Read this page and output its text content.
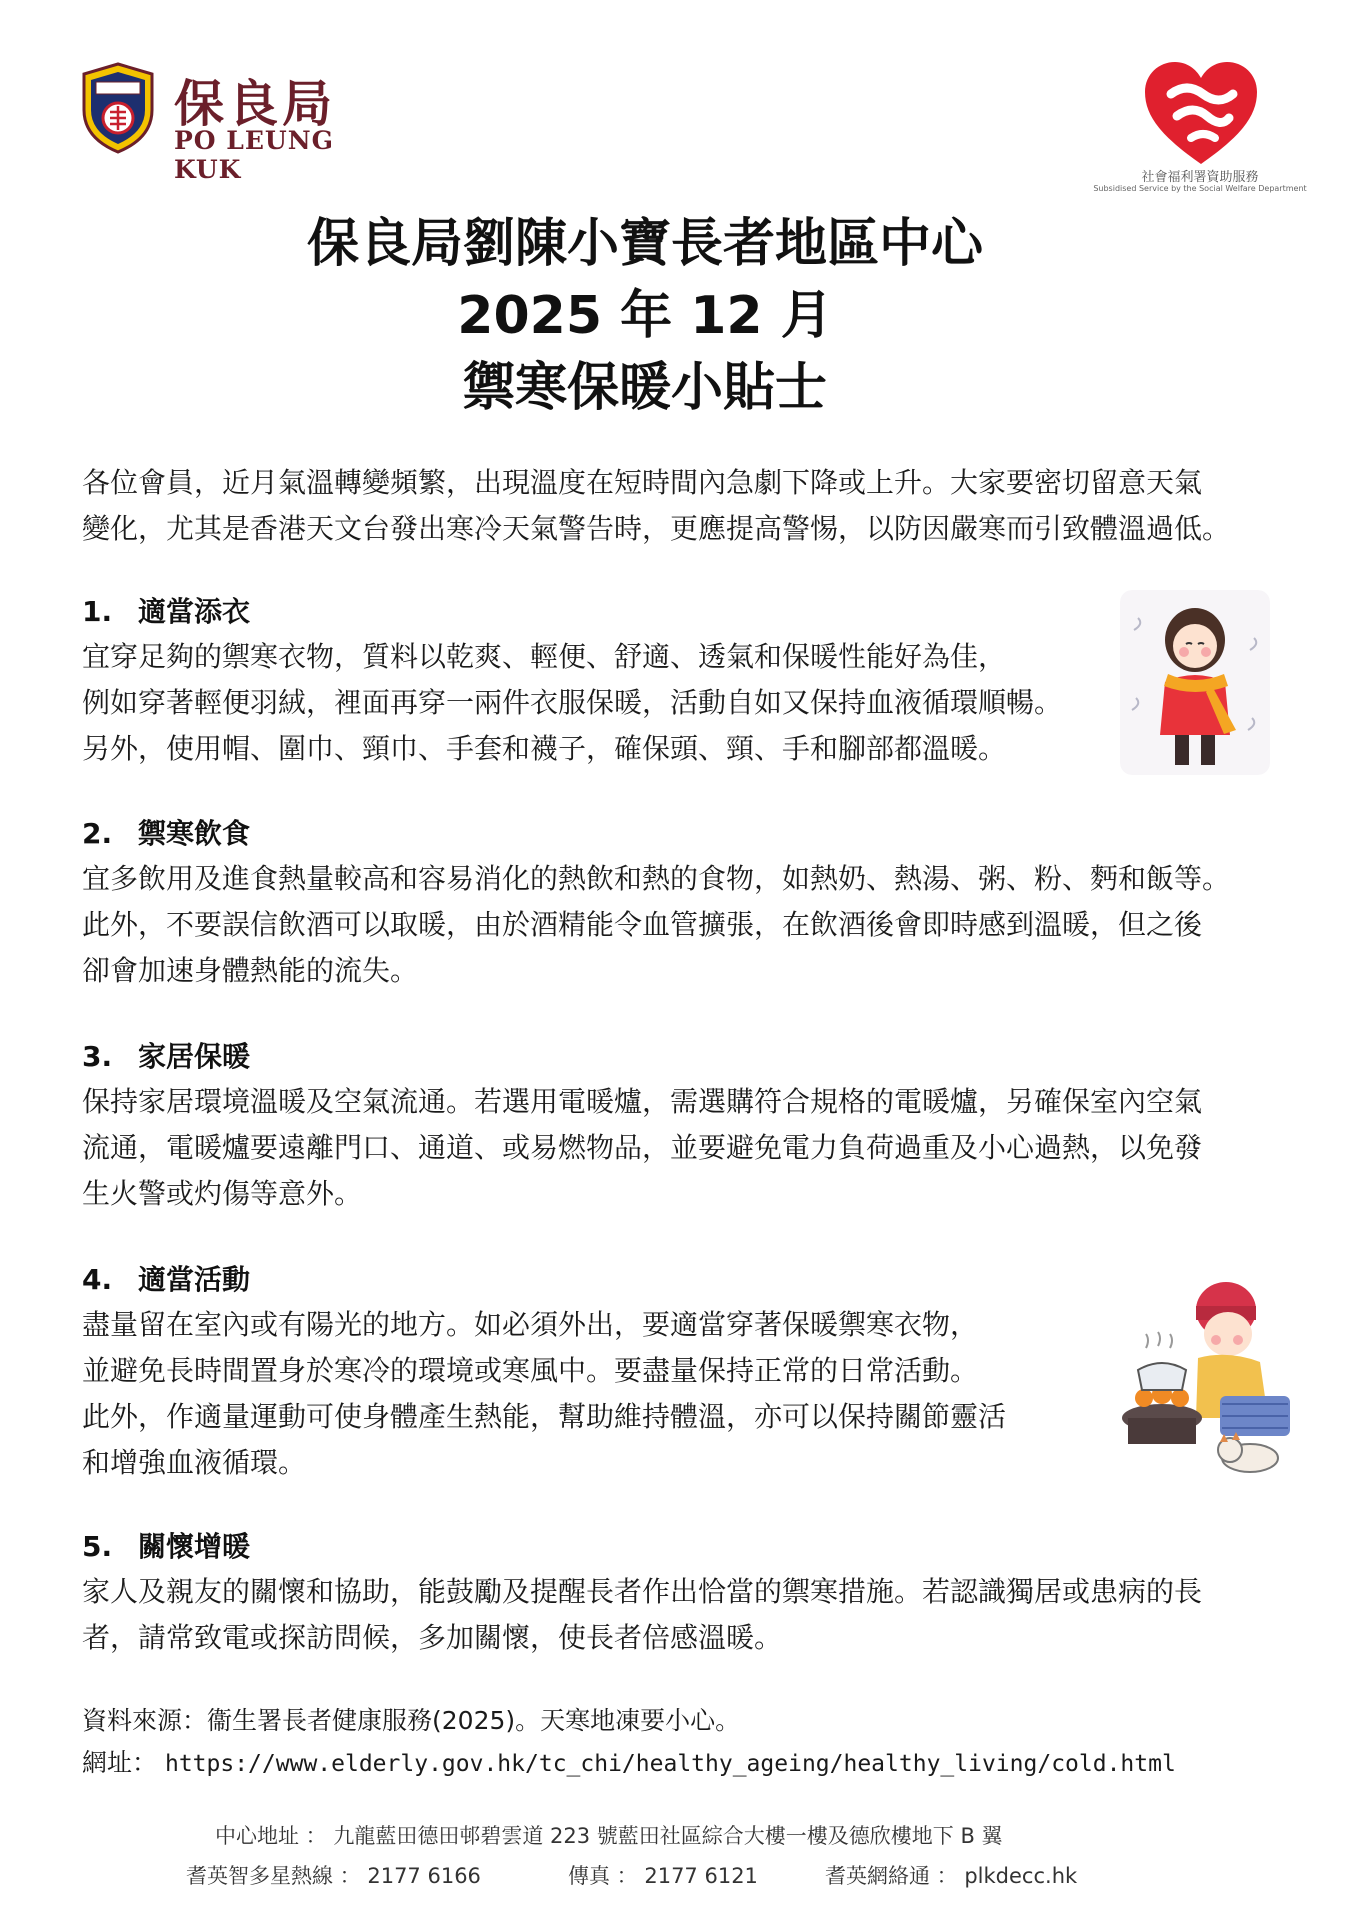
保良局
PO LEUNG KUK	社會福利署資助服務
Subsidised Service by the Social Welfare Department
保良局劉陳小寶長者地區中心
2025 年 12 月
禦寒保暖小貼士
各位會員，近月氣溫轉變頻繁，出現溫度在短時間內急劇下降或上升。大家要密切留意天氣
變化，尤其是香港天文台發出寒冷天氣警告時，更應提高警惕，以防因嚴寒而引致體溫過低。
1. 適當添衣
宜穿足夠的禦寒衣物，質料以乾爽、輕便、舒適、透氣和保暖性能好為佳，
例如穿著輕便羽絨，裡面再穿一兩件衣服保暖，活動自如又保持血液循環順暢。
另外，使用帽、圍巾、頸巾、手套和襪子，確保頭、頸、手和腳部都溫暖。
2. 禦寒飲食
宜多飲用及進食熱量較高和容易消化的熱飲和熱的食物，如熱奶、熱湯、粥、粉、麪和飯等。
此外，不要誤信飲酒可以取暖，由於酒精能令血管擴張，在飲酒後會即時感到溫暖，但之後
卻會加速身體熱能的流失。
3. 家居保暖
保持家居環境溫暖及空氣流通。若選用電暖爐，需選購符合規格的電暖爐，另確保室內空氣
流通，電暖爐要遠離門口、通道、或易燃物品，並要避免電力負荷過重及小心過熱，以免發
生火警或灼傷等意外。
4. 適當活動
盡量留在室內或有陽光的地方。如必須外出，要適當穿著保暖禦寒衣物，
並避免長時間置身於寒冷的環境或寒風中。要盡量保持正常的日常活動。
此外，作適量運動可使身體產生熱能，幫助維持體溫，亦可以保持關節靈活
和增強血液循環。
5. 關懷增暖
家人及親友的關懷和協助，能鼓勵及提醒長者作出恰當的禦寒措施。若認識獨居或患病的長
者，請常致電或探訪問候，多加關懷，使長者倍感溫暖。
資料來源：衞生署長者健康服務(2025)。天寒地凍要小心。
網址： https://www.elderly.gov.hk/tc_chi/healthy_ageing/healthy_living/cold.html
中心地址 ： 九龍藍田德田邨碧雲道 223 號藍田社區綜合大樓一樓及德欣樓地下 B 翼
耆英智多星熱線 ： 2177 6166	傳真 ： 2177 6121	耆英網絡通 ： plkdecc.hk
